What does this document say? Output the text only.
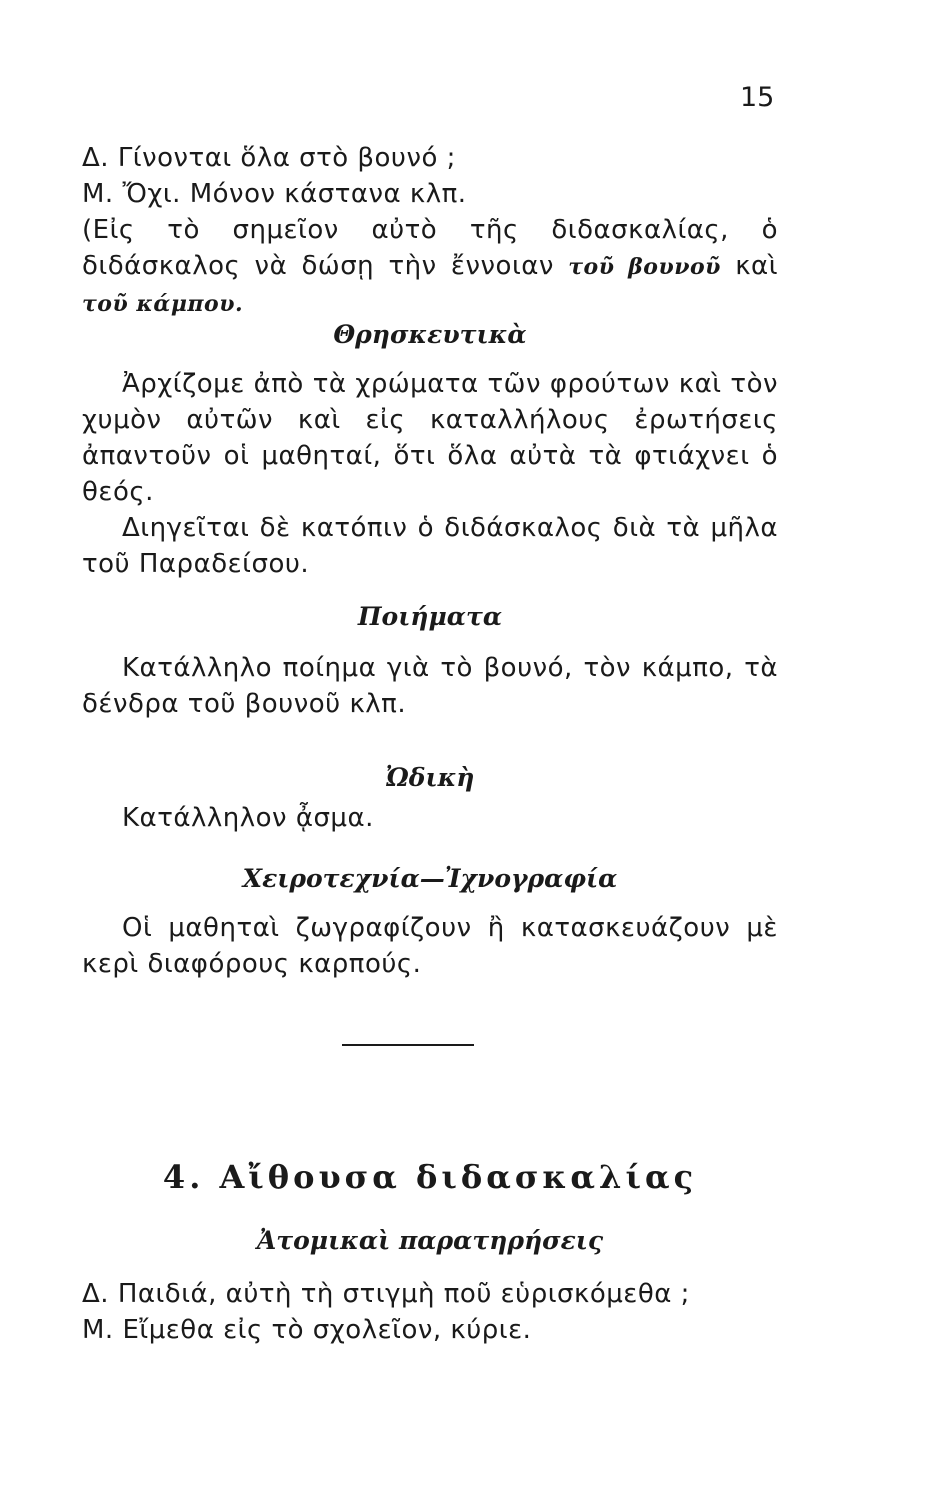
15

Δ. Γίνονται ὅλα στὸ βουνό ;

Μ. Ὄχι. Μόνον κάστανα κλπ.

(Εἰς τὸ σημεῖον αὐτὸ τῆς διδασκαλίας, ὁ διδάσκαλος νὰ δώσῃ τὴν ἔννοιαν τοῦ βουνοῦ καὶ τοῦ κάμπου.

Θρησκευτικὰ

Ἀρχίζομε ἀπὸ τὰ χρώματα τῶν φρούτων καὶ τὸν χυμὸν αὐτῶν καὶ εἰς καταλλήλους ἐρωτήσεις ἀπαντοῦν οἱ μαθηταί, ὅτι ὅλα αὐτὰ τὰ φτιάχνει ὁ θεός.

Διηγεῖται δὲ κατόπιν ὁ διδάσκαλος διὰ τὰ μῆλα τοῦ Παραδείσου.

Ποιήματα

Κατάλληλο ποίημα γιὰ τὸ βουνό, τὸν κάμπο, τὰ δένδρα τοῦ βουνοῦ κλπ.

Ὠδικὴ

Κατάλληλον ᾆσμα.

Χειροτεχνία—Ἰχνογραφία

Οἱ μαθηταὶ ζωγραφίζουν ἢ κατασκευάζουν μὲ κερὶ διαφόρους καρπούς.

4. Αἴθουσα διδασκαλίας
Ἀτομικαὶ παρατηρήσεις

Δ. Παιδιά, αὐτὴ τὴ στιγμὴ ποῦ εὑρισκόμεθα ;

Μ. Εἴμεθα εἰς τὸ σχολεῖον, κύριε.
